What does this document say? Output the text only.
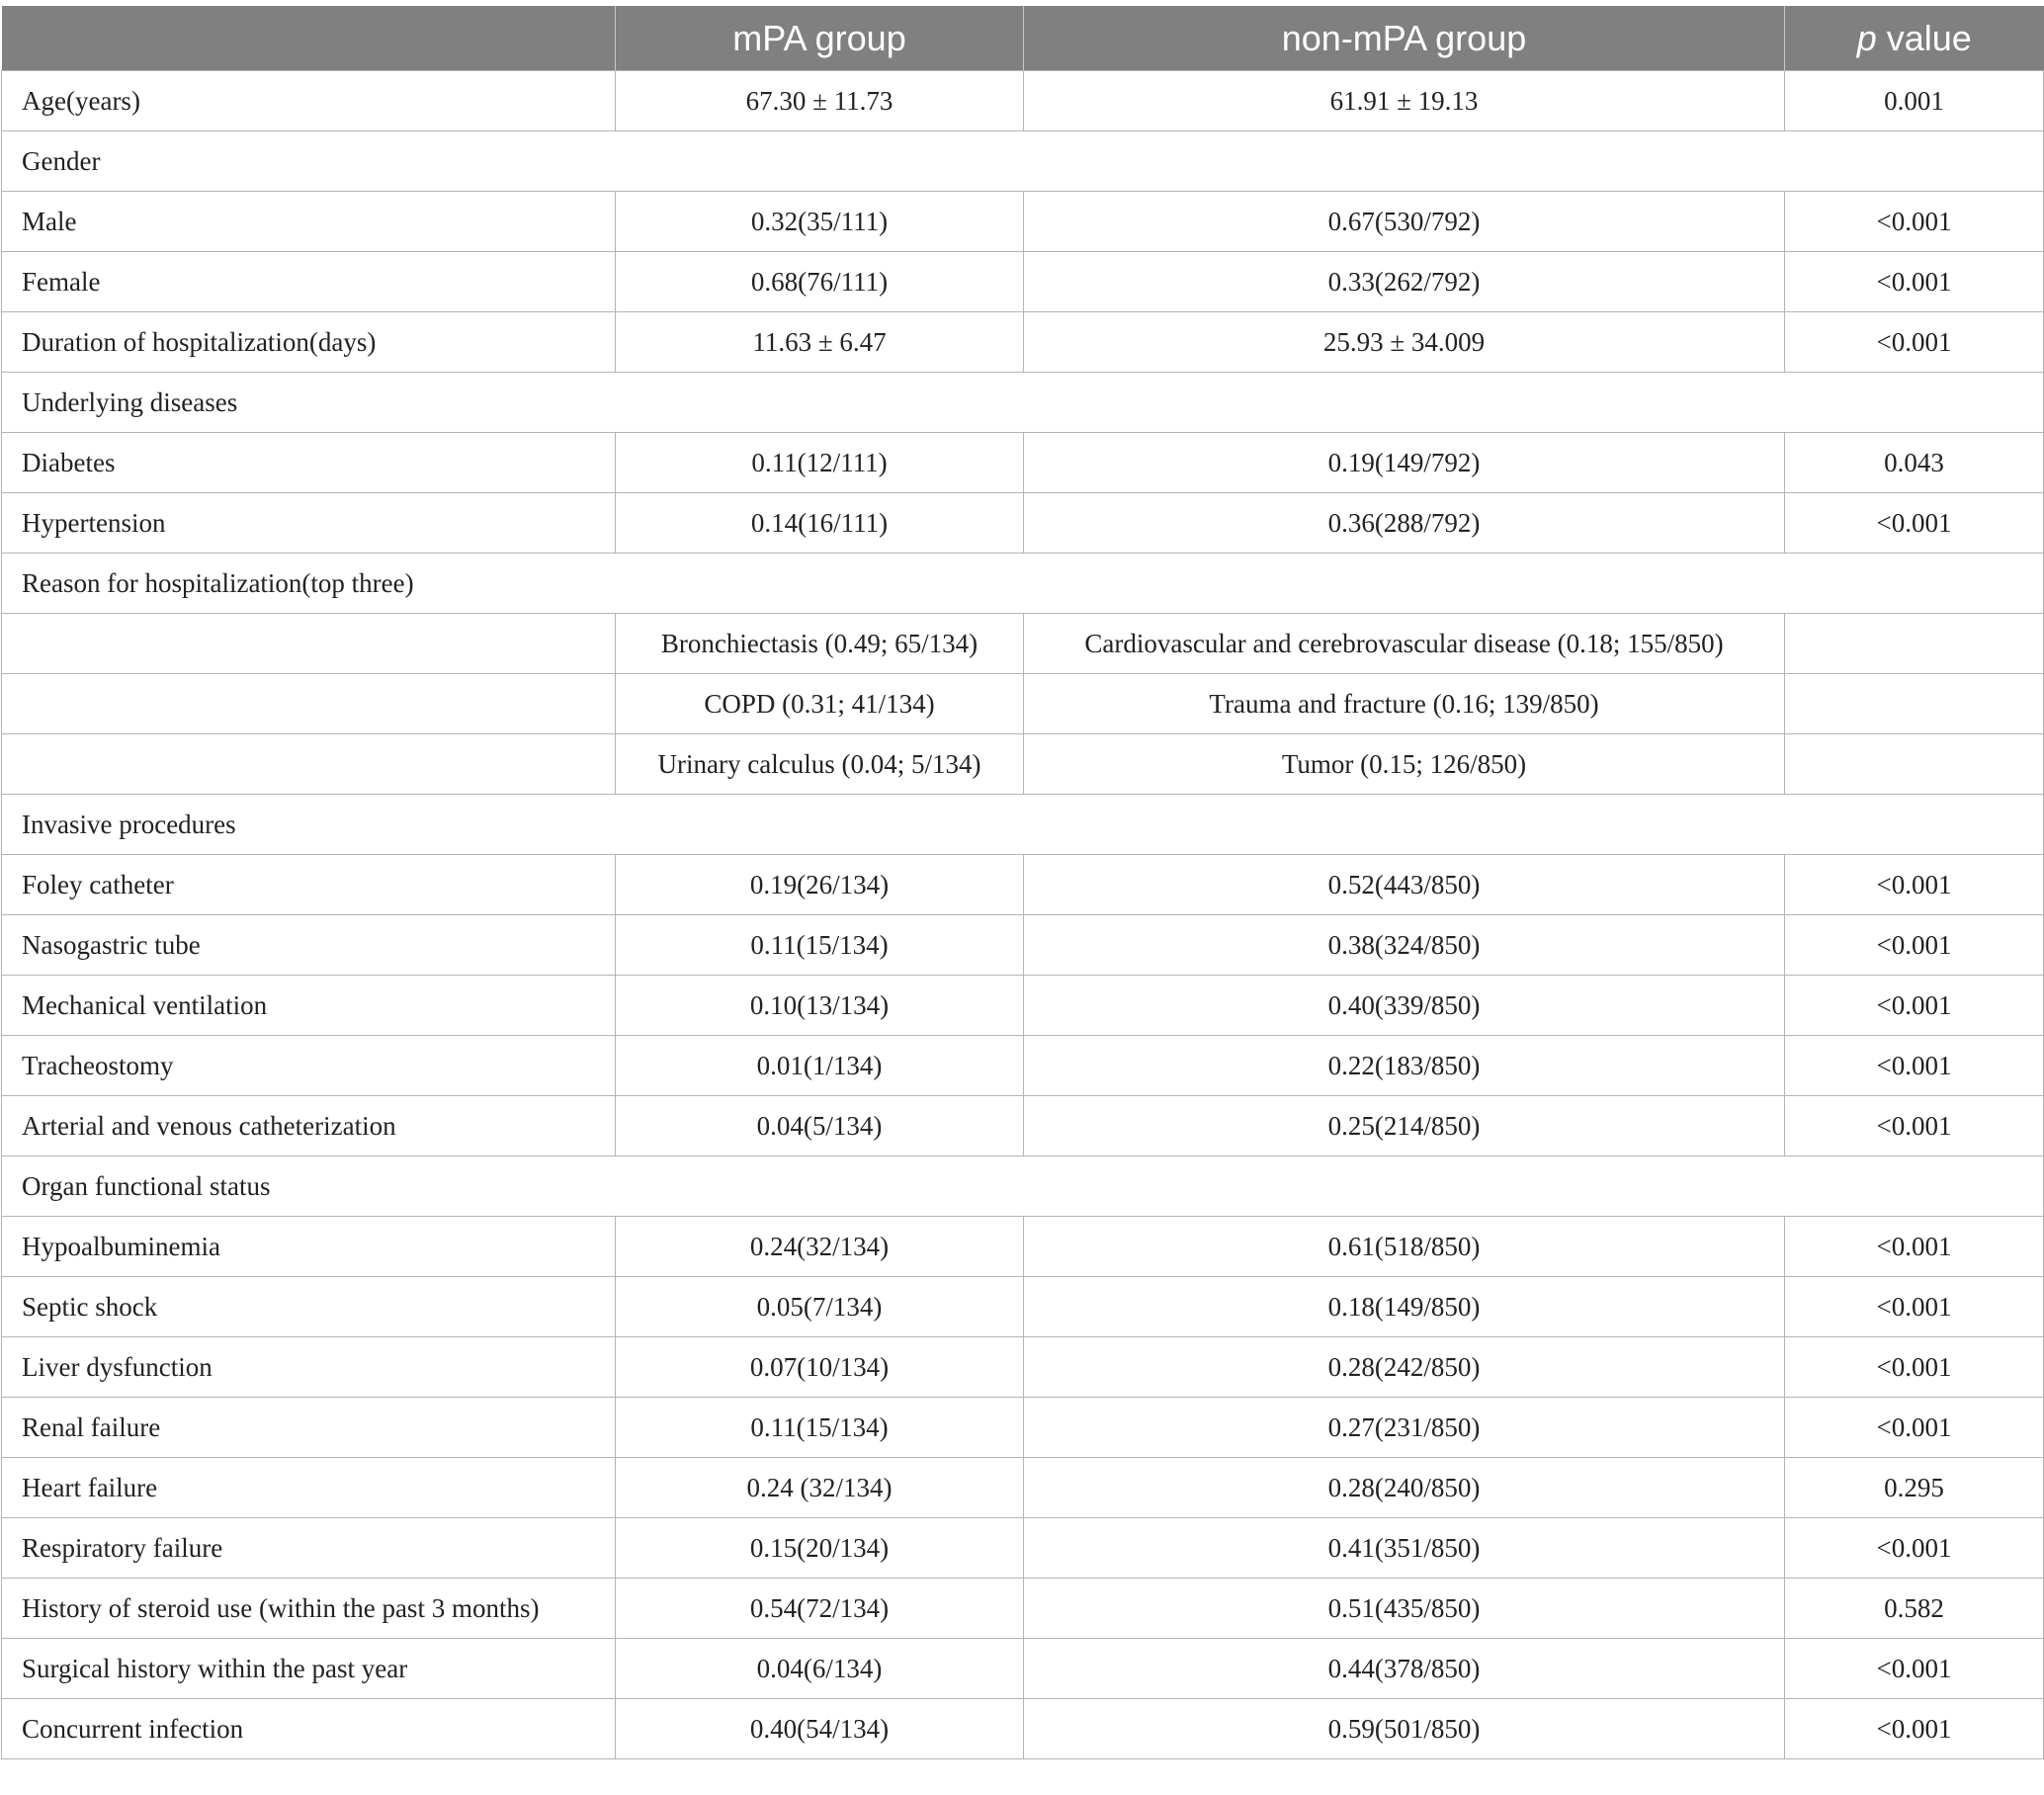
	mPA group	non-mPA group	p value
Age(years)	67.30 ± 11.73	61.91 ± 19.13	0.001
Gender			
Male	0.32(35/111)	0.67(530/792)	<0.001
Female	0.68(76/111)	0.33(262/792)	<0.001
Duration of hospitalization(days)	11.63 ± 6.47	25.93 ± 34.009	<0.001
Underlying diseases			
Diabetes	0.11(12/111)	0.19(149/792)	0.043
Hypertension	0.14(16/111)	0.36(288/792)	<0.001
Reason for hospitalization(top three)			
	Bronchiectasis (0.49; 65/134)	Cardiovascular and cerebrovascular disease (0.18; 155/850)	
	COPD (0.31; 41/134)	Trauma and fracture (0.16; 139/850)	
	Urinary calculus (0.04; 5/134)	Tumor (0.15; 126/850)	
Invasive procedures			
Foley catheter	0.19(26/134)	0.52(443/850)	<0.001
Nasogastric tube	0.11(15/134)	0.38(324/850)	<0.001
Mechanical ventilation	0.10(13/134)	0.40(339/850)	<0.001
Tracheostomy	0.01(1/134)	0.22(183/850)	<0.001
Arterial and venous catheterization	0.04(5/134)	0.25(214/850)	<0.001
Organ functional status			
Hypoalbuminemia	0.24(32/134)	0.61(518/850)	<0.001
Septic shock	0.05(7/134)	0.18(149/850)	<0.001
Liver dysfunction	0.07(10/134)	0.28(242/850)	<0.001
Renal failure	0.11(15/134)	0.27(231/850)	<0.001
Heart failure	0.24 (32/134)	0.28(240/850)	0.295
Respiratory failure	0.15(20/134)	0.41(351/850)	<0.001
History of steroid use (within the past 3 months)	0.54(72/134)	0.51(435/850)	0.582
Surgical history within the past year	0.04(6/134)	0.44(378/850)	<0.001
Concurrent infection	0.40(54/134)	0.59(501/850)	<0.001
